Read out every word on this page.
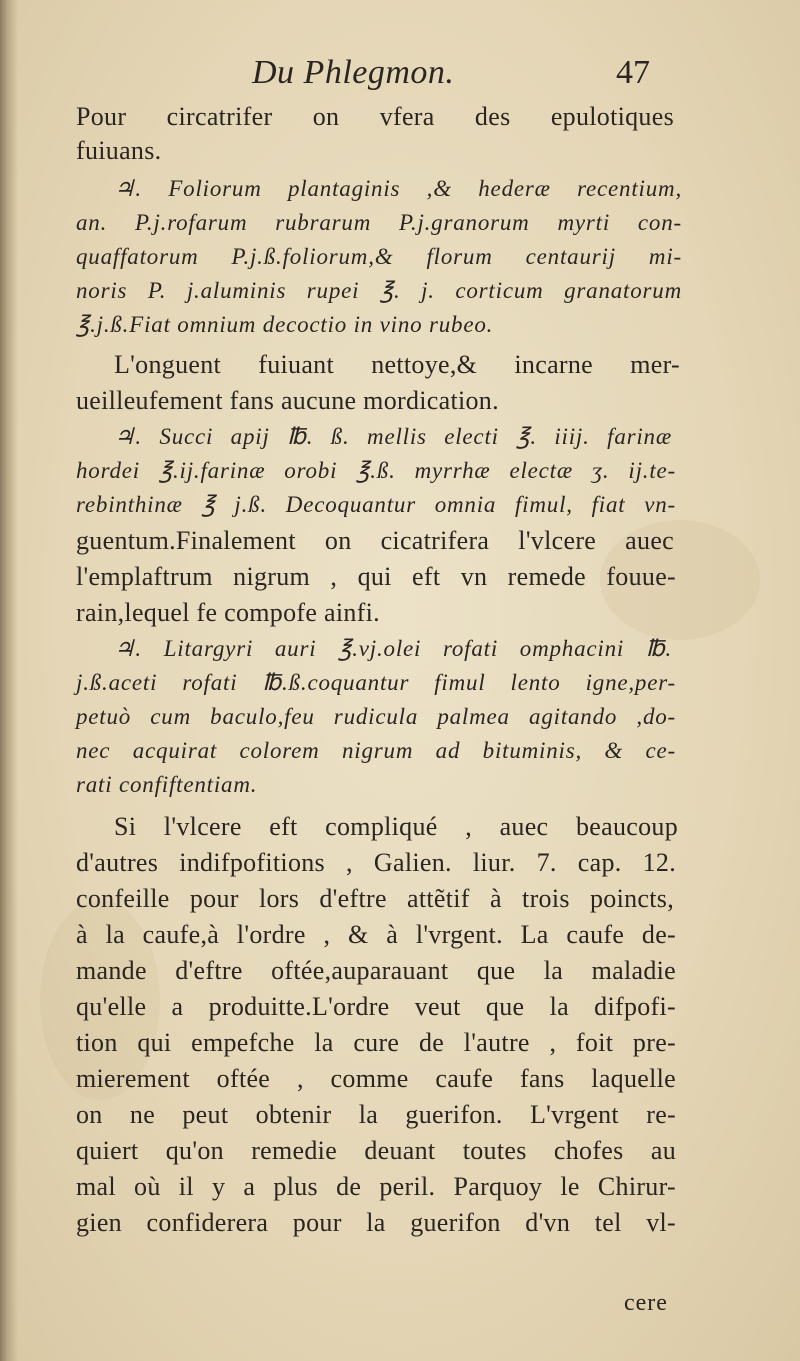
Du Phlegmon.	47
Pour circatrifer on vfera des epulotiques
fuiuans.
♃. Foliorum plantaginis ,& hederæ recentium,
an. P.j.rofarum rubrarum P.j.granorum myrti con-
quaffatorum P.j.ß.foliorum,& florum centaurij mi-
noris P. j.aluminis rupei ℥. j. corticum granatorum
℥.j.ß.Fiat omnium decoctio in vino rubeo.
L'onguent fuiuant nettoye,& incarne mer-
ueilleufement fans aucune mordication.
♃. Succi apij ℔. ß. mellis electi ℥. iiij. farinæ
hordei ℥.ij.farinæ orobi ℥.ß. myrrhæ electæ ʒ. ij.te-
rebinthinæ ℥ j.ß. Decoquantur omnia fimul, fiat vn-
guentum.Finalement on cicatrifera l'vlcere auec
l'emplaftrum nigrum , qui eft vn remede fouue-
rain,lequel fe compofe ainfi.
♃. Litargyri auri ℥.vj.olei rofati omphacini ℔.
j.ß.aceti rofati ℔.ß.coquantur fimul lento igne,per-
petuò cum baculo,feu rudicula palmea agitando ,do-
nec acquirat colorem nigrum ad bituminis, & ce-
rati confiftentiam.
Si l'vlcere eft compliqué , auec beaucoup
d'autres indifpofitions , Galien. liur. 7. cap. 12.
confeille pour lors d'eftre attẽtif à trois poincts,
à la caufe,à l'ordre , & à l'vrgent. La caufe de-
mande d'eftre oftée,auparauant que la maladie
qu'elle a produitte.L'ordre veut que la difpofi-
tion qui empefche la cure de l'autre , foit pre-
mierement oftée , comme caufe fans laquelle
on ne peut obtenir la guerifon. L'vrgent re-
quiert qu'on remedie deuant toutes chofes au
mal où il y a plus de peril. Parquoy le Chirur-
gien confiderera pour la guerifon d'vn tel vl-
cere
